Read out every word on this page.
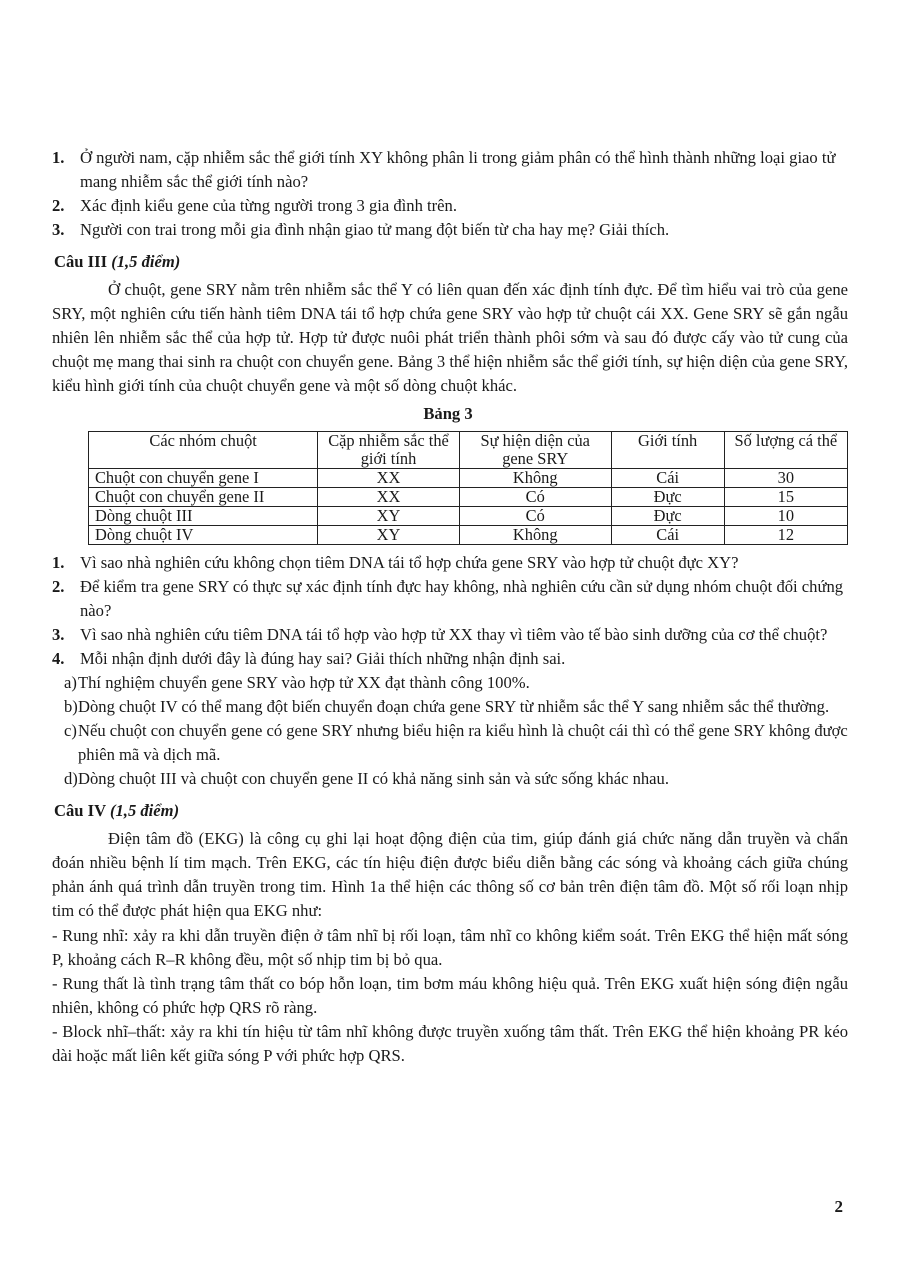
1. Ở người nam, cặp nhiễm sắc thể giới tính XY không phân li trong giảm phân có thể hình thành những loại giao tử mang nhiễm sắc thể giới tính nào?

2. Xác định kiểu gene của từng người trong 3 gia đình trên.

3. Người con trai trong mỗi gia đình nhận giao tử mang đột biến từ cha hay mẹ? Giải thích.

Câu III (1,5 điểm)

Ở chuột, gene SRY nằm trên nhiễm sắc thể Y có liên quan đến xác định tính đực. Để tìm hiểu vai trò của gene SRY, một nghiên cứu tiến hành tiêm DNA tái tổ hợp chứa gene SRY vào hợp tử chuột cái XX. Gene SRY sẽ gắn ngẫu nhiên lên nhiễm sắc thể của hợp tử. Hợp tử được nuôi phát triển thành phôi sớm và sau đó được cấy vào tử cung của chuột mẹ mang thai sinh ra chuột con chuyển gene. Bảng 3 thể hiện nhiễm sắc thể giới tính, sự hiện diện của gene SRY, kiểu hình giới tính của chuột chuyển gene và một số dòng chuột khác.

Bảng 3
Các nhóm chuột	Cặp nhiễm sắc thể giới tính	Sự hiện diện của gene SRY	Giới tính	Số lượng cá thể
Chuột con chuyển gene I	XX	Không	Cái	30
Chuột con chuyển gene II	XX	Có	Đực	15
Dòng chuột III	XY	Có	Đực	10
Dòng chuột IV	XY	Không	Cái	12

1. Vì sao nhà nghiên cứu không chọn tiêm DNA tái tổ hợp chứa gene SRY vào hợp tử chuột đực XY?

2. Để kiểm tra gene SRY có thực sự xác định tính đực hay không, nhà nghiên cứu cần sử dụng nhóm chuột đối chứng nào?

3. Vì sao nhà nghiên cứu tiêm DNA tái tổ hợp vào hợp tử XX thay vì tiêm vào tế bào sinh dưỡng của cơ thể chuột?

4. Mỗi nhận định dưới đây là đúng hay sai? Giải thích những nhận định sai.

a) Thí nghiệm chuyển gene SRY vào hợp tử XX đạt thành công 100%.

b) Dòng chuột IV có thể mang đột biến chuyển đoạn chứa gene SRY từ nhiễm sắc thể Y sang nhiễm sắc thể thường.

c) Nếu chuột con chuyển gene có gene SRY nhưng biểu hiện ra kiểu hình là chuột cái thì có thể gene SRY không được phiên mã và dịch mã.

d) Dòng chuột III và chuột con chuyển gene II có khả năng sinh sản và sức sống khác nhau.

Câu IV (1,5 điểm)

Điện tâm đồ (EKG) là công cụ ghi lại hoạt động điện của tim, giúp đánh giá chức năng dẫn truyền và chẩn đoán nhiều bệnh lí tim mạch. Trên EKG, các tín hiệu điện được biểu diễn bằng các sóng và khoảng cách giữa chúng phản ánh quá trình dẫn truyền trong tim. Hình 1a thể hiện các thông số cơ bản trên điện tâm đồ. Một số rối loạn nhịp tim có thể được phát hiện qua EKG như:

- Rung nhĩ: xảy ra khi dẫn truyền điện ở tâm nhĩ bị rối loạn, tâm nhĩ co không kiểm soát. Trên EKG thể hiện mất sóng P, khoảng cách R–R không đều, một số nhịp tim bị bỏ qua.

- Rung thất là tình trạng tâm thất co bóp hỗn loạn, tim bơm máu không hiệu quả. Trên EKG xuất hiện sóng điện ngẫu nhiên, không có phức hợp QRS rõ ràng.

- Block nhĩ–thất: xảy ra khi tín hiệu từ tâm nhĩ không được truyền xuống tâm thất. Trên EKG thể hiện khoảng PR kéo dài hoặc mất liên kết giữa sóng P với phức hợp QRS.

2
